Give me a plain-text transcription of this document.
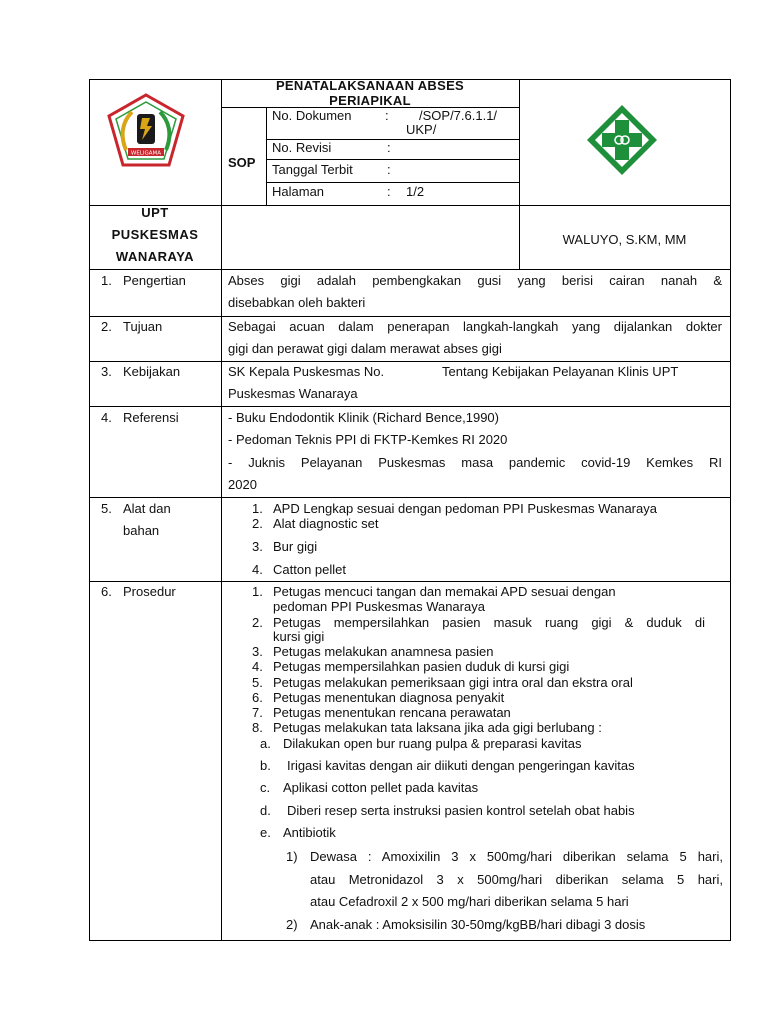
WELIGAMA
PENATALAKSANAAN ABSES
PERIAPIKAL
SOP
No. Dokumen	: /SOP/7.6.1.1/
UKP/
No. Revisi	:
Tanggal Terbit	:
Halaman	: 1/2
UPT
PUSKESMAS
WANARAYA
WALUYO, S.KM, MM
1. Pengertian	Abses gigi adalah pembengkakan gusi yang berisi cairan nanah &
disebabkan oleh bakteri
2. Tujuan	Sebagai acuan dalam penerapan langkah-langkah yang dijalankan dokter
gigi dan perawat gigi dalam merawat abses gigi
3. Kebijakan	SK Kepala Puskesmas No.	Tentang Kebijakan Pelayanan Klinis UPT
Puskesmas Wanaraya
4. Referensi	- Buku Endodontik Klinik (Richard Bence,1990)
- Pedoman Teknis PPI di FKTP-Kemkes RI 2020
- Juknis Pelayanan Puskesmas masa pandemic covid-19 Kemkes RI
2020
5. Alat dan
bahan
1. APD Lengkap sesuai dengan pedoman PPI Puskesmas Wanaraya
2. Alat diagnostic set
3. Bur gigi
4. Catton pellet
6. Prosedur	1. Petugas mencuci tangan dan memakai APD sesuai dengan
pedoman PPI Puskesmas Wanaraya
2. Petugas mempersilahkan pasien masuk ruang gigi & duduk di
kursi gigi
3. Petugas melakukan anamnesa pasien
4. Petugas mempersilahkan pasien duduk di kursi gigi
5. Petugas melakukan pemeriksaan gigi intra oral dan ekstra oral
6. Petugas menentukan diagnosa penyakit
7. Petugas menentukan rencana perawatan
8. Petugas melakukan tata laksana jika ada gigi berlubang :
a. Dilakukan open bur ruang pulpa & preparasi kavitas
b. Irigasi kavitas dengan air diikuti dengan pengeringan kavitas
c. Aplikasi cotton pellet pada kavitas
d. Diberi resep serta instruksi pasien kontrol setelah obat habis
e. Antibiotik
1) Dewasa : Amoxixilin 3 x 500mg/hari diberikan selama 5 hari,
atau Metronidazol 3 x 500mg/hari diberikan selama 5 hari,
atau Cefadroxil 2 x 500 mg/hari diberikan selama 5 hari
2) Anak-anak : Amoksisilin 30-50mg/kgBB/hari dibagi 3 dosis
